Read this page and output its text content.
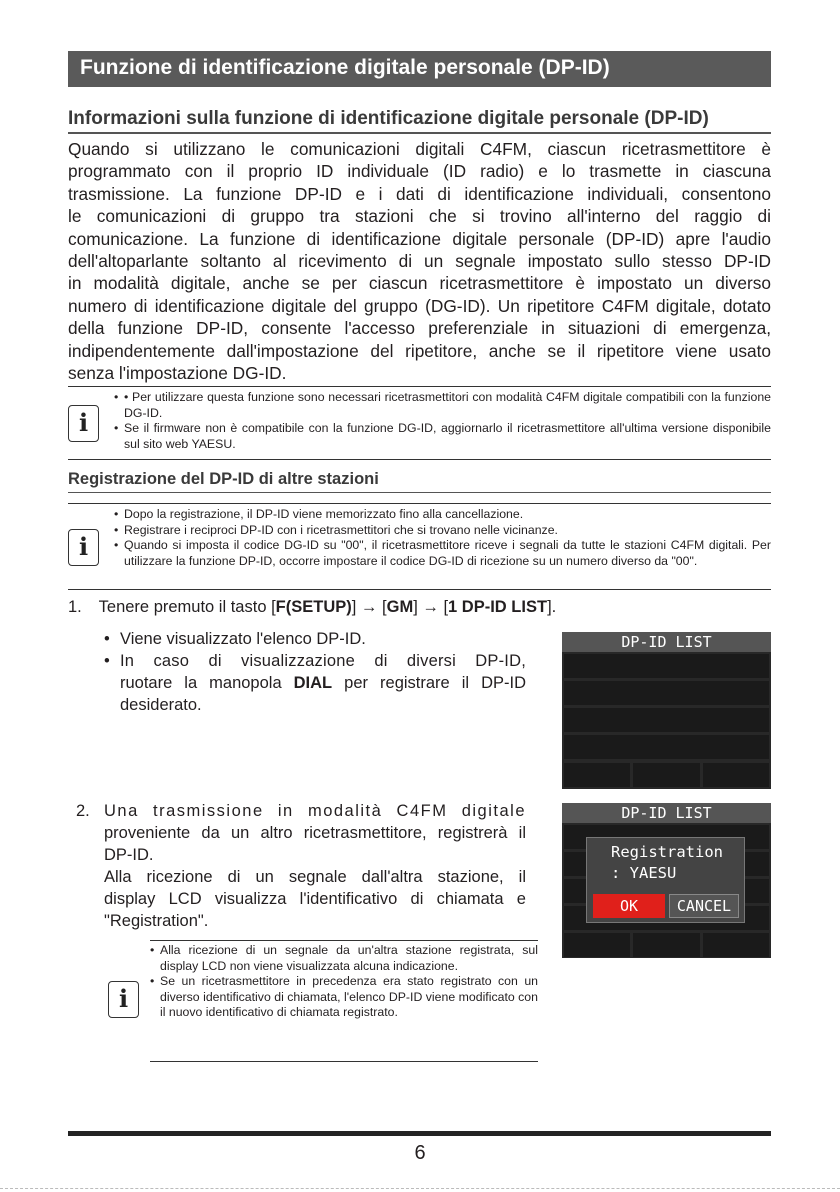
Funzione di identificazione digitale personale (DP-ID)
Informazioni sulla funzione di identificazione digitale personale (DP-ID)
Quando si utilizzano le comunicazioni digitali C4FM, ciascun ricetrasmettitore è
programmato con il proprio ID individuale (ID radio) e lo trasmette in ciascuna
trasmissione. La funzione DP-ID e i dati di identificazione individuali, consentono
le comunicazioni di gruppo tra stazioni che si trovino all'interno del raggio di
comunicazione. La funzione di identificazione digitale personale (DP-ID) apre l'audio
dell'altoparlante soltanto al ricevimento di un segnale impostato sullo stesso DP-ID
in modalità digitale, anche se per ciascun ricetrasmettitore è impostato un diverso
numero di identificazione digitale del gruppo (DG-ID). Un ripetitore C4FM digitale, dotato
della funzione DP-ID, consente l'accesso preferenziale in situazioni di emergenza,
indipendentemente dall'impostazione del ripetitore, anche se il ripetitore viene usato
senza l'impostazione DG-ID.
i
• • Per utilizzare questa funzione sono necessari ricetrasmettitori con modalità C4FM digitale compatibili con la funzione DG-ID.
• Se il firmware non è compatibile con la funzione DG-ID, aggiornarlo il ricetrasmettitore all'ultima versione disponibile sul sito web YAESU.
Registrazione del DP-ID di altre stazioni
i
• Dopo la registrazione, il DP-ID viene memorizzato fino alla cancellazione.
• Registrare i reciproci DP-ID con i ricetrasmettitori che si trovano nelle vicinanze.
• Quando si imposta il codice DG-ID su "00", il ricetrasmettitore riceve i segnali da tutte le stazioni C4FM digitali. Per utilizzare la funzione DP-ID, occorre impostare il codice DG-ID di ricezione su un numero diverso da "00".
1. Tenere premuto il tasto [F(SETUP)] → [GM] → [1 DP-ID LIST].
• Viene visualizzato l'elenco DP-ID.
• In caso di visualizzazione di diversi DP-ID,
ruotare la manopola DIAL per registrare il DP-ID
desiderato.
DP-ID LIST
2. Una trasmissione in modalità C4FM digitale
proveniente da un altro ricetrasmettitore, registrerà il
DP-ID.
Alla ricezione di un segnale dall'altra stazione, il
display LCD visualizza l'identificativo di chiamata e
"Registration".
DP-ID LIST
Registration
: YAESU
OK	CANCEL
i
• Alla ricezione di un segnale da un'altra stazione registrata, sul display LCD non viene visualizzata alcuna indicazione.
• Se un ricetrasmettitore in precedenza era stato registrato con un diverso identificativo di chiamata, l'elenco DP-ID viene modificato con il nuovo identificativo di chiamata registrato.
6
